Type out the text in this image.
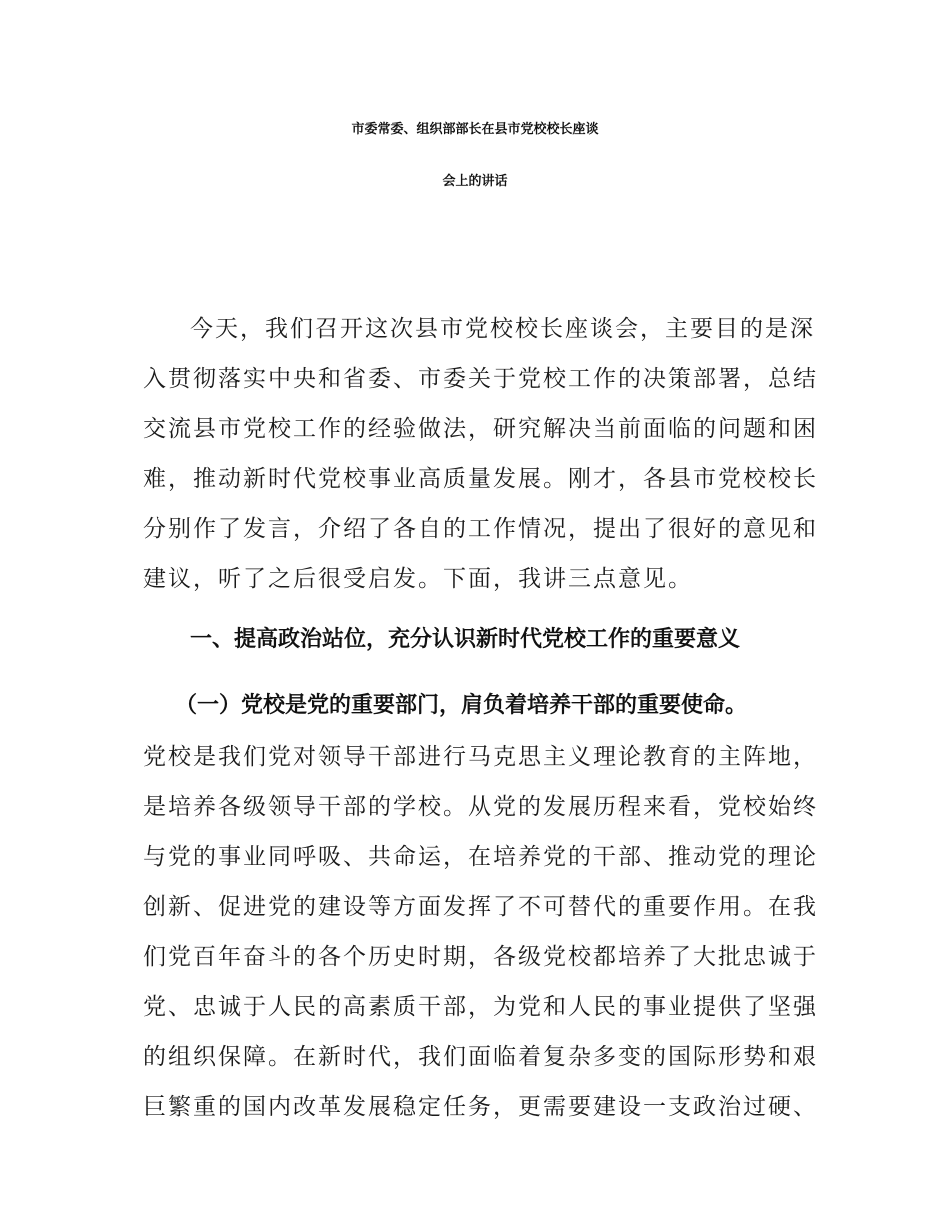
市委常委、组织部部长在县市党校校长座谈
会上的讲话
今天，我们召开这次县市党校校长座谈会，主要目的是深
入贯彻落实中央和省委、市委关于党校工作的决策部署，总结
交流县市党校工作的经验做法，研究解决当前面临的问题和困
难，推动新时代党校事业高质量发展。刚才，各县市党校校长
分别作了发言，介绍了各自的工作情况，提出了很好的意见和
建议，听了之后很受启发。下面，我讲三点意见。
一、提高政治站位，充分认识新时代党校工作的重要意义
（一）党校是党的重要部门，肩负着培养干部的重要使命。
党校是我们党对领导干部进行马克思主义理论教育的主阵地，
是培养各级领导干部的学校。从党的发展历程来看，党校始终
与党的事业同呼吸、共命运，在培养党的干部、推动党的理论
创新、促进党的建设等方面发挥了不可替代的重要作用。在我
们党百年奋斗的各个历史时期，各级党校都培养了大批忠诚于
党、忠诚于人民的高素质干部，为党和人民的事业提供了坚强
的组织保障。在新时代，我们面临着复杂多变的国际形势和艰
巨繁重的国内改革发展稳定任务，更需要建设一支政治过硬、
